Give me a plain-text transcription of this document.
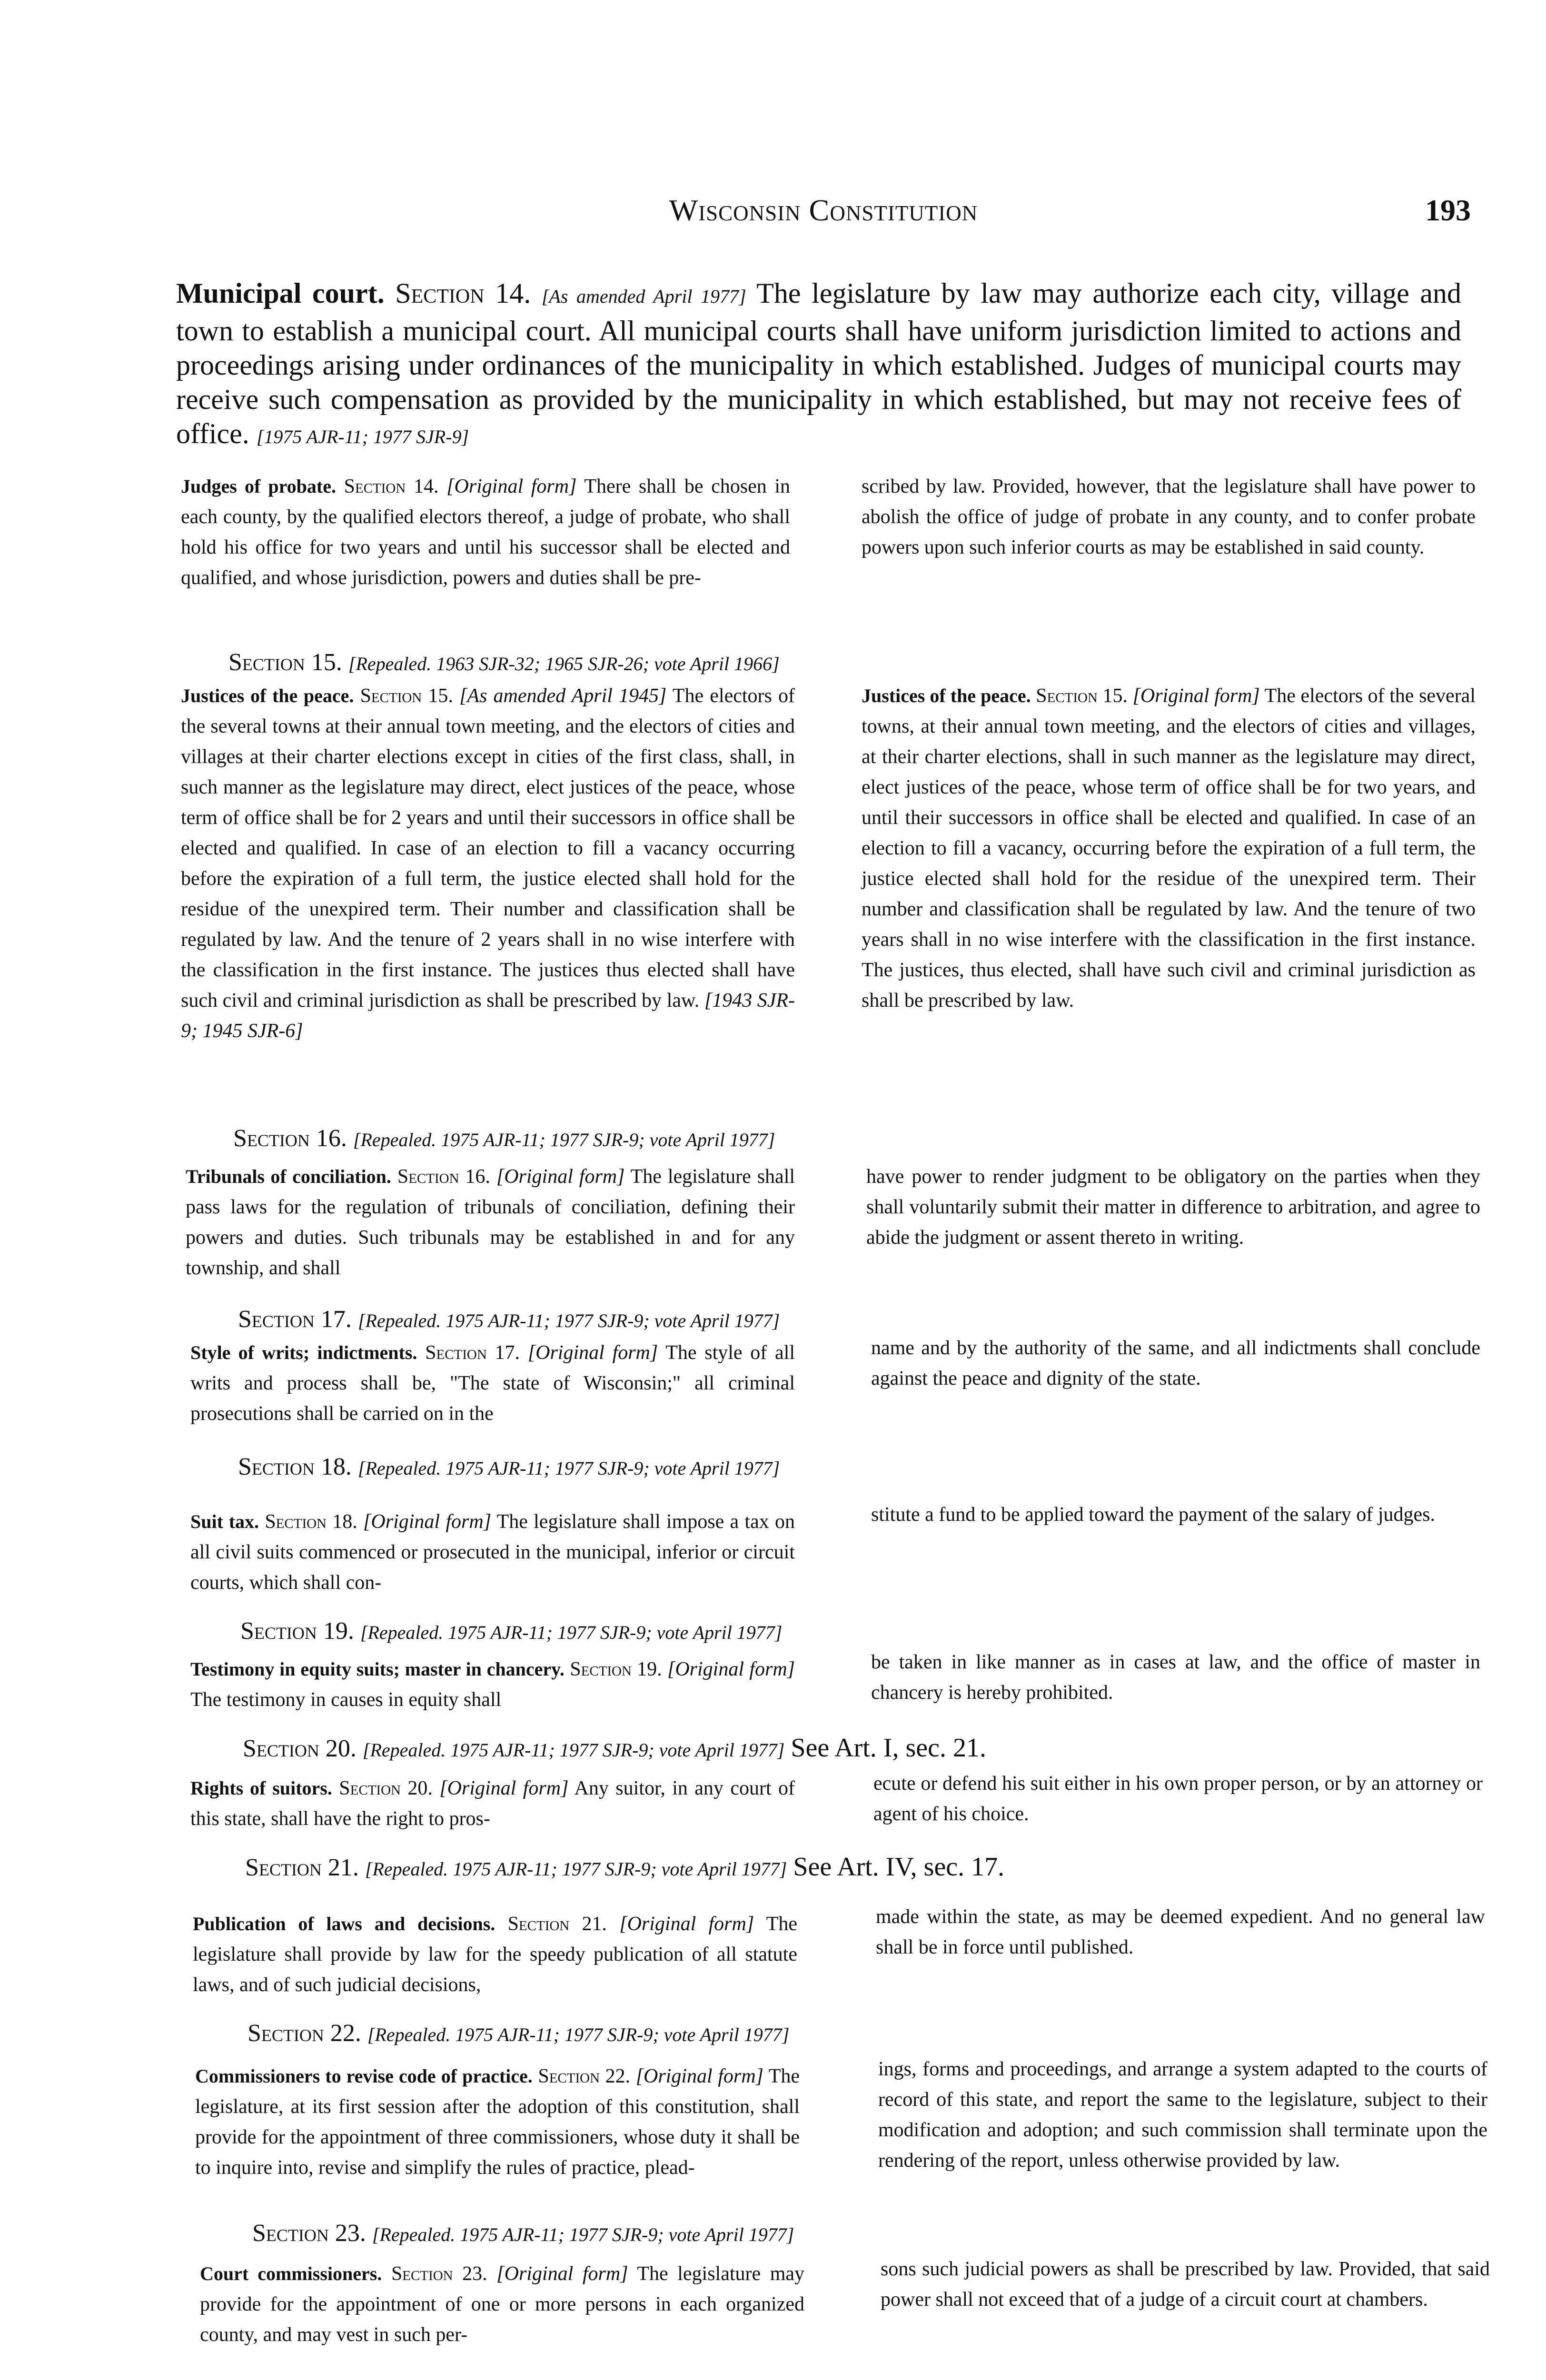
Wisconsin Constitution	193
Municipal court. Section 14. [As amended April 1977] The legislature by law may authorize each city, village and town to establish a municipal court. All municipal courts shall have uniform jurisdiction limited to actions and proceedings arising under ordinances of the municipality in which established. Judges of municipal courts may receive such compensation as provided by the municipality in which established, but may not receive fees of office. [1975 AJR-11; 1977 SJR-9]
Judges of probate. Section 14. [Original form] There shall be chosen in each county, by the qualified electors thereof, a judge of probate, who shall hold his office for two years and until his successor shall be elected and qualified, and whose jurisdiction, powers and duties shall be pre-
scribed by law. Provided, however, that the legislature shall have power to abolish the office of judge of probate in any county, and to confer probate powers upon such inferior courts as may be established in said county.
Section 15. [Repealed. 1963 SJR-32; 1965 SJR-26; vote April 1966]
Justices of the peace. Section 15. [As amended April 1945] The electors of the several towns at their annual town meeting, and the electors of cities and villages at their charter elections except in cities of the first class, shall, in such manner as the legislature may direct, elect justices of the peace, whose term of office shall be for 2 years and until their successors in office shall be elected and qualified. In case of an election to fill a vacancy occurring before the expiration of a full term, the justice elected shall hold for the residue of the unexpired term. Their number and classification shall be regulated by law. And the tenure of 2 years shall in no wise interfere with the classification in the first instance. The justices thus elected shall have such civil and criminal jurisdiction as shall be prescribed by law. [1943 SJR-9; 1945 SJR-6]
Justices of the peace. Section 15. [Original form] The electors of the several towns, at their annual town meeting, and the electors of cities and villages, at their charter elections, shall in such manner as the legislature may direct, elect justices of the peace, whose term of office shall be for two years, and until their successors in office shall be elected and qualified. In case of an election to fill a vacancy, occurring before the expiration of a full term, the justice elected shall hold for the residue of the unexpired term. Their number and classification shall be regulated by law. And the tenure of two years shall in no wise interfere with the classification in the first instance. The justices, thus elected, shall have such civil and criminal jurisdiction as shall be prescribed by law.
Section 16. [Repealed. 1975 AJR-11; 1977 SJR-9; vote April 1977]
Tribunals of conciliation. Section 16. [Original form] The legislature shall pass laws for the regulation of tribunals of conciliation, defining their powers and duties. Such tribunals may be established in and for any township, and shall
have power to render judgment to be obligatory on the parties when they shall voluntarily submit their matter in difference to arbitration, and agree to abide the judgment or assent thereto in writing.
Section 17. [Repealed. 1975 AJR-11; 1977 SJR-9; vote April 1977]
Style of writs; indictments. Section 17. [Original form] The style of all writs and process shall be, "The state of Wisconsin;" all criminal prosecutions shall be carried on in the
name and by the authority of the same, and all indictments shall conclude against the peace and dignity of the state.
Section 18. [Repealed. 1975 AJR-11; 1977 SJR-9; vote April 1977]
Suit tax. Section 18. [Original form] The legislature shall impose a tax on all civil suits commenced or prosecuted in the municipal, inferior or circuit courts, which shall con-
stitute a fund to be applied toward the payment of the salary of judges.
Section 19. [Repealed. 1975 AJR-11; 1977 SJR-9; vote April 1977]
Testimony in equity suits; master in chancery. Section 19. [Original form] The testimony in causes in equity shall
be taken in like manner as in cases at law, and the office of master in chancery is hereby prohibited.
Section 20. [Repealed. 1975 AJR-11; 1977 SJR-9; vote April 1977] See Art. I, sec. 21.
Rights of suitors. Section 20. [Original form] Any suitor, in any court of this state, shall have the right to pros-
ecute or defend his suit either in his own proper person, or by an attorney or agent of his choice.
Section 21. [Repealed. 1975 AJR-11; 1977 SJR-9; vote April 1977] See Art. IV, sec. 17.
Publication of laws and decisions. Section 21. [Original form] The legislature shall provide by law for the speedy publication of all statute laws, and of such judicial decisions,
made within the state, as may be deemed expedient. And no general law shall be in force until published.
Section 22. [Repealed. 1975 AJR-11; 1977 SJR-9; vote April 1977]
Commissioners to revise code of practice. Section 22. [Original form] The legislature, at its first session after the adoption of this constitution, shall provide for the appointment of three commissioners, whose duty it shall be to inquire into, revise and simplify the rules of practice, plead-
ings, forms and proceedings, and arrange a system adapted to the courts of record of this state, and report the same to the legislature, subject to their modification and adoption; and such commission shall terminate upon the rendering of the report, unless otherwise provided by law.
Section 23. [Repealed. 1975 AJR-11; 1977 SJR-9; vote April 1977]
Court commissioners. Section 23. [Original form] The legislature may provide for the appointment of one or more persons in each organized county, and may vest in such per-
sons such judicial powers as shall be prescribed by law. Provided, that said power shall not exceed that of a judge of a circuit court at chambers.
